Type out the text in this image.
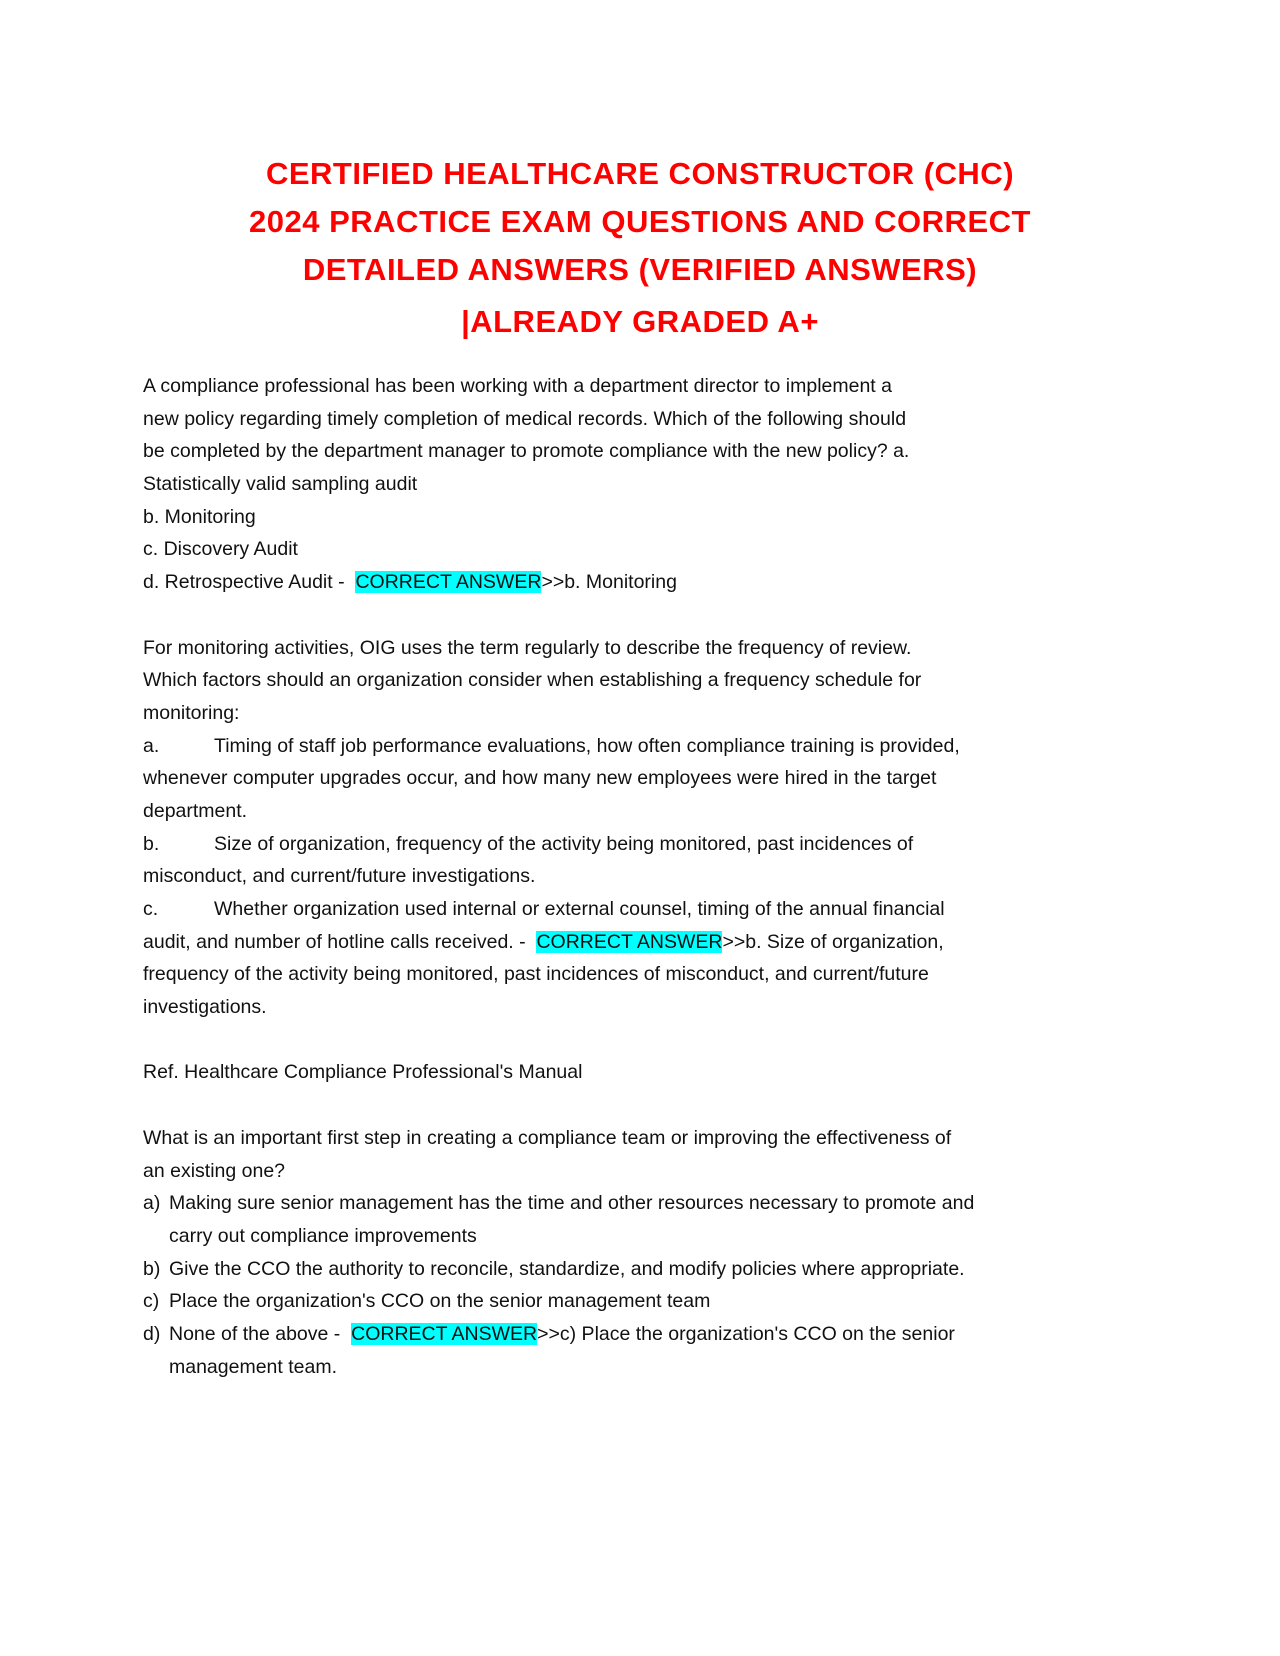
CERTIFIED HEALTHCARE CONSTRUCTOR (CHC)
2024 PRACTICE EXAM QUESTIONS AND CORRECT
DETAILED ANSWERS (VERIFIED ANSWERS)
|ALREADY GRADED A+
A compliance professional has been working with a department director to implement a
new policy regarding timely completion of medical records. Which of the following should
be completed by the department manager to promote compliance with the new policy? a.
Statistically valid sampling audit
b. Monitoring
c. Discovery Audit
d. Retrospective Audit -  CORRECT ANSWER>>b. Monitoring
For monitoring activities, OIG uses the term regularly to describe the frequency of review.
Which factors should an organization consider when establishing a frequency schedule for
monitoring:
a.	Timing of staff job performance evaluations, how often compliance training is provided,
whenever computer upgrades occur, and how many new employees were hired in the target
department.
b.	Size of organization, frequency of the activity being monitored, past incidences of
misconduct, and current/future investigations.
c.	Whether organization used internal or external counsel, timing of the annual financial
audit, and number of hotline calls received. -  CORRECT ANSWER>>b. Size of organization,
frequency of the activity being monitored, past incidences of misconduct, and current/future
investigations.
Ref. Healthcare Compliance Professional's Manual
What is an important first step in creating a compliance team or improving the effectiveness of
an existing one?
a) Making sure senior management has the time and other resources necessary to promote and
carry out compliance improvements
b) Give the CCO the authority to reconcile, standardize, and modify policies where appropriate.
c) Place the organization's CCO on the senior management team
d) None of the above -  CORRECT ANSWER>>c) Place the organization's CCO on the senior
management team.
